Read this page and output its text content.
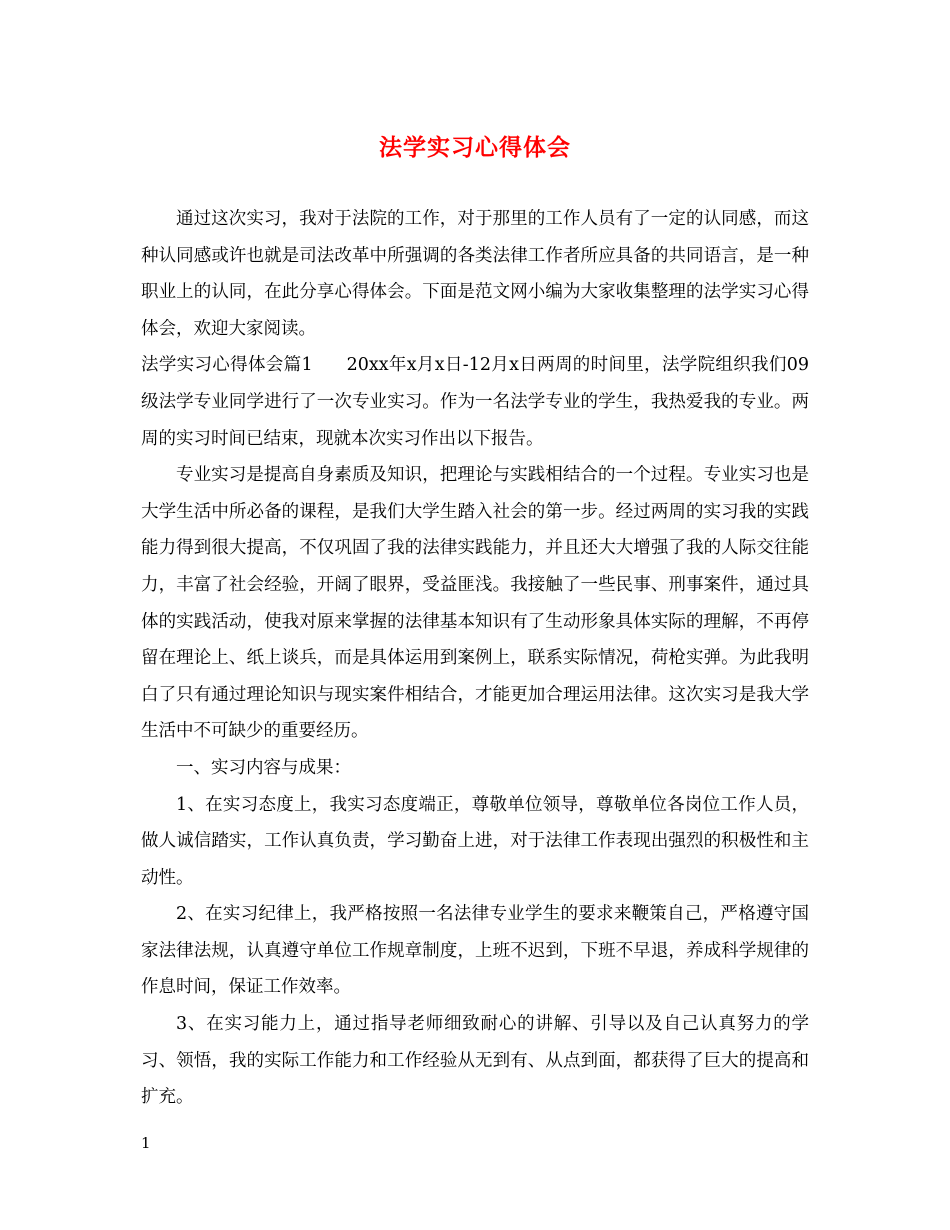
法学实习心得体会

通过这次实习，我对于法院的工作，对于那里的工作人员有了一定的认同感，而这种认同感或许也就是司法改革中所强调的各类法律工作者所应具备的共同语言，是一种职业上的认同，在此分享心得体会。下面是范文网小编为大家收集整理的法学实习心得体会，欢迎大家阅读。

法学实习心得体会篇1 20xx年x月x日-12月x日两周的时间里，法学院组织我们09级法学专业同学进行了一次专业实习。作为一名法学专业的学生，我热爱我的专业。两周的实习时间已结束，现就本次实习作出以下报告。

专业实习是提高自身素质及知识，把理论与实践相结合的一个过程。专业实习也是大学生活中所必备的课程，是我们大学生踏入社会的第一步。经过两周的实习我的实践能力得到很大提高，不仅巩固了我的法律实践能力，并且还大大增强了我的人际交往能力，丰富了社会经验，开阔了眼界，受益匪浅。我接触了一些民事、刑事案件，通过具体的实践活动，使我对原来掌握的法律基本知识有了生动形象具体实际的理解，不再停留在理论上、纸上谈兵，而是具体运用到案例上，联系实际情况，荷枪实弹。为此我明白了只有通过理论知识与现实案件相结合，才能更加合理运用法律。这次实习是我大学生活中不可缺少的重要经历。

一、实习内容与成果：

1、在实习态度上，我实习态度端正，尊敬单位领导，尊敬单位各岗位工作人员，做人诚信踏实，工作认真负责，学习勤奋上进，对于法律工作表现出强烈的积极性和主动性。

2、在实习纪律上，我严格按照一名法律专业学生的要求来鞭策自己，严格遵守国家法律法规，认真遵守单位工作规章制度，上班不迟到，下班不早退，养成科学规律的作息时间，保证工作效率。

3、在实习能力上，通过指导老师细致耐心的讲解、引导以及自己认真努力的学习、领悟，我的实际工作能力和工作经验从无到有、从点到面，都获得了巨大的提高和扩充。

1
